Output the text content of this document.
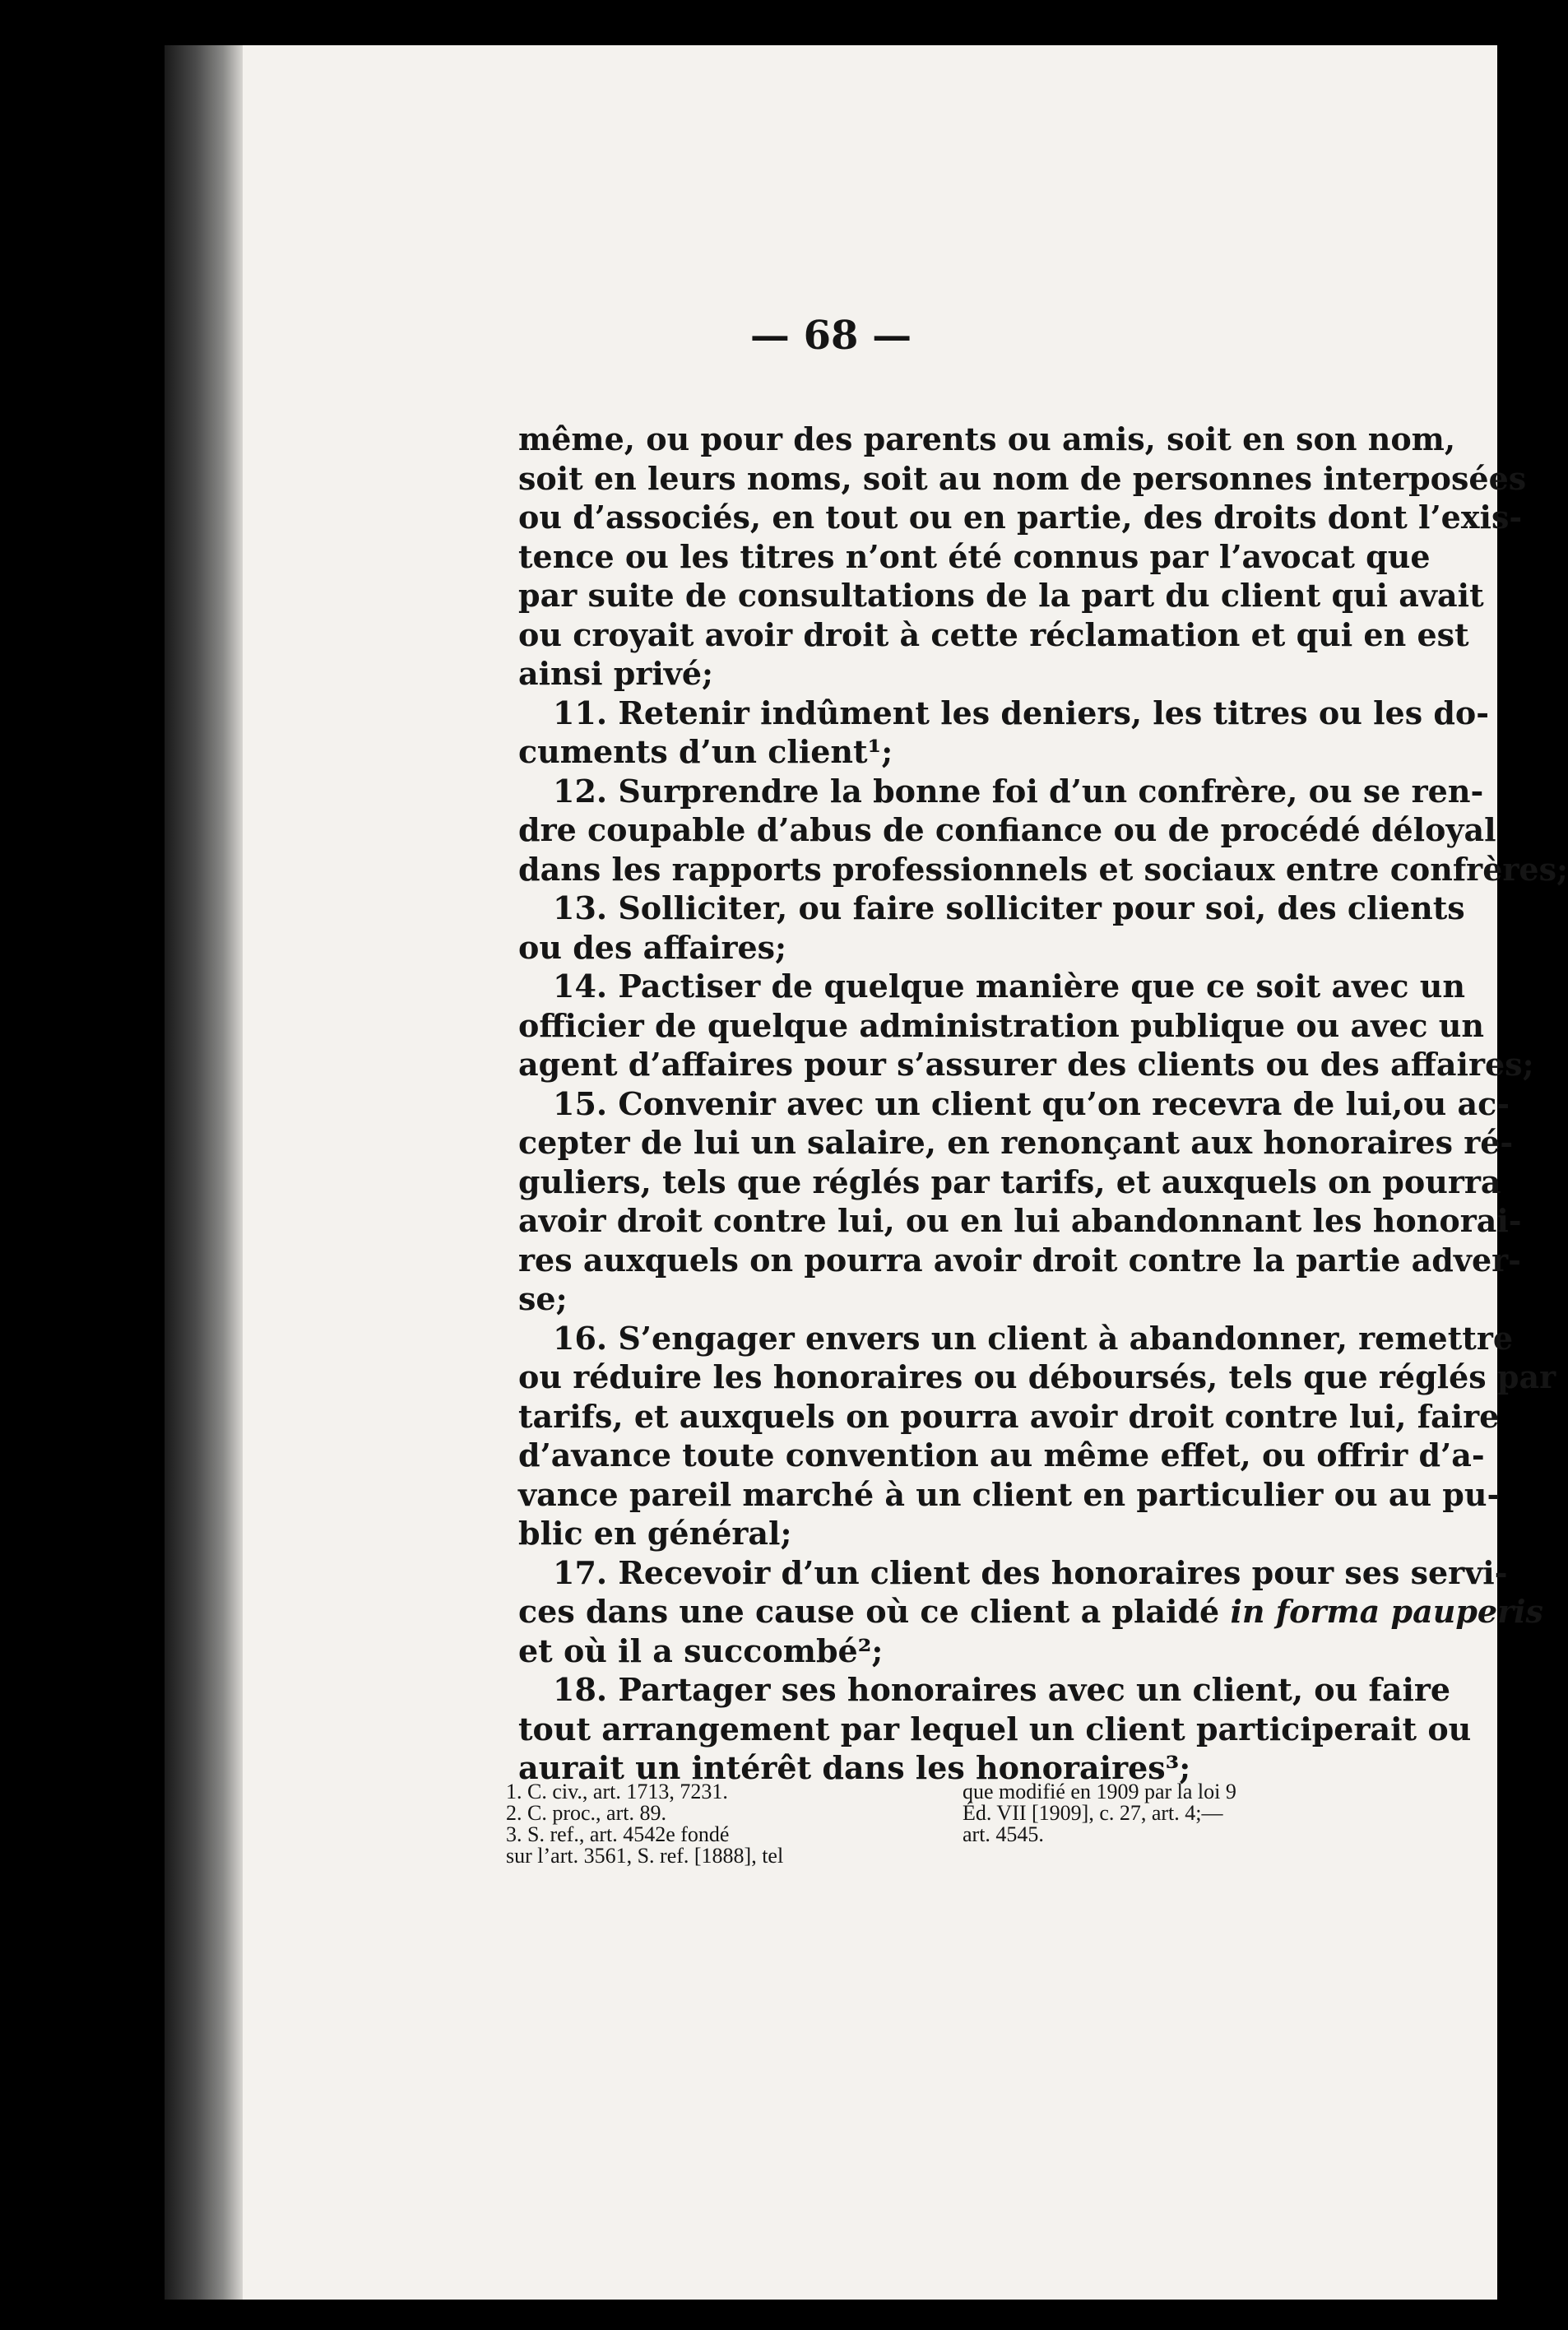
— 68 —
même, ou pour des parents ou amis, soit en son nom,
soit en leurs noms, soit au nom de personnes interposées
ou d’associés, en tout ou en partie, des droits dont l’exis-
tence ou les titres n’ont été connus par l’avocat que
par suite de consultations de la part du client qui avait
ou croyait avoir droit à cette réclamation et qui en est
ainsi privé;
11. Retenir indûment les deniers, les titres ou les do-
cuments d’un client¹;
12. Surprendre la bonne foi d’un confrère, ou se ren-
dre coupable d’abus de confiance ou de procédé déloyal
dans les rapports professionnels et sociaux entre confrères;
13. Solliciter, ou faire solliciter pour soi, des clients
ou des affaires;
14. Pactiser de quelque manière que ce soit avec un
officier de quelque administration publique ou avec un
agent d’affaires pour s’assurer des clients ou des affaires;
15. Convenir avec un client qu’on recevra de lui,ou ac-
cepter de lui un salaire, en renonçant aux honoraires ré-
guliers, tels que réglés par tarifs, et auxquels on pourra
avoir droit contre lui, ou en lui abandonnant les honorai-
res auxquels on pourra avoir droit contre la partie adver-
se;
16. S’engager envers un client à abandonner, remettre
ou réduire les honoraires ou déboursés, tels que réglés par
tarifs, et auxquels on pourra avoir droit contre lui, faire
d’avance toute convention au même effet, ou offrir d’a-
vance pareil marché à un client en particulier ou au pu-
blic en général;
17. Recevoir d’un client des honoraires pour ses servi-
ces dans une cause où ce client a plaidé in forma pauperis
et où il a succombé²;
18. Partager ses honoraires avec un client, ou faire
tout arrangement par lequel un client participerait ou
aurait un intérêt dans les honoraires³;
1. C. civ., art. 1713, 7231.
2. C. proc., art. 89.
3. S. ref., art. 4542e fondé
sur l’art. 3561, S. ref. [1888], tel
que modifié en 1909 par la loi 9
Éd. VII [1909], c. 27, art. 4;—
art. 4545.
